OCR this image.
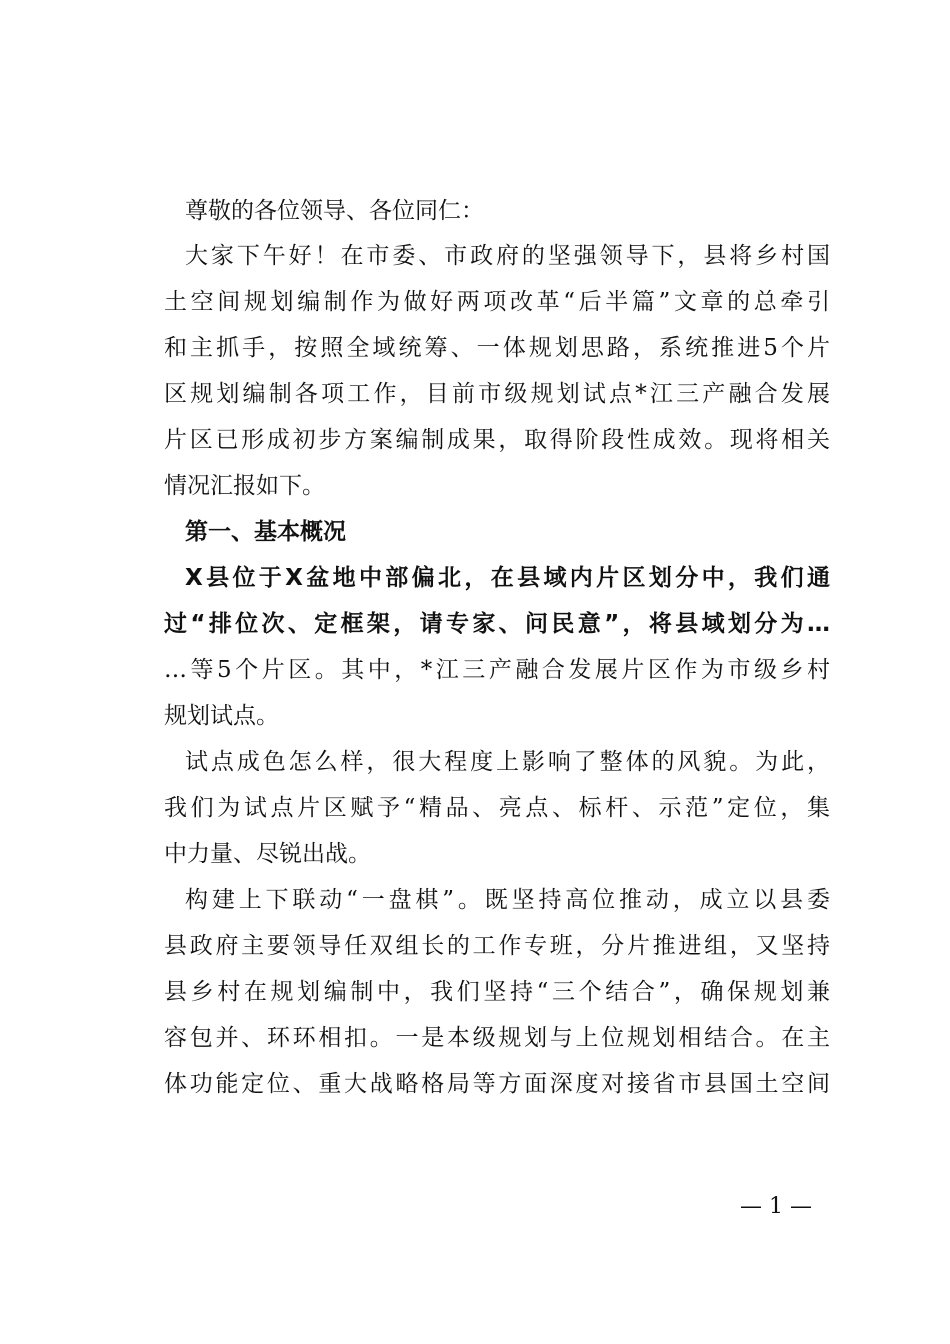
尊敬的各位领导、各位同仁：
大家下午好！在市委、市政府的坚强领导下，县将乡村国
土空间规划编制作为做好两项改革“后半篇”文章的总牵引
和主抓手，按照全域统筹、一体规划思路，系统推进5个片
区规划编制各项工作，目前市级规划试点*江三产融合发展
片区已形成初步方案编制成果，取得阶段性成效。现将相关
情况汇报如下。
第一、基本概况
X县位于X盆地中部偏北，在县域内片区划分中，我们通
过“排位次、定框架，请专家、问民意”，将县域划分为…
…等5个片区。其中，*江三产融合发展片区作为市级乡村
规划试点。
试点成色怎么样，很大程度上影响了整体的风貌。为此，
我们为试点片区赋予“精品、亮点、标杆、示范”定位，集
中力量、尽锐出战。
构建上下联动“一盘棋”。既坚持高位推动，成立以县委
县政府主要领导任双组长的工作专班，分片推进组，又坚持
县乡村在规划编制中，我们坚持“三个结合”，确保规划兼
容包并、环环相扣。一是本级规划与上位规划相结合。在主
体功能定位、重大战略格局等方面深度对接省市县国土空间
— 1 —
